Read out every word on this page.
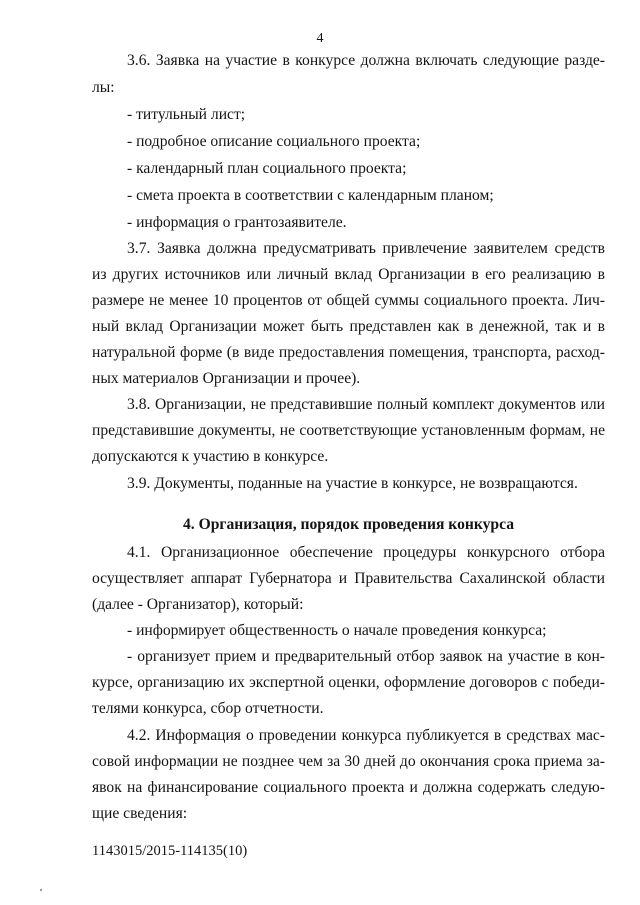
4
3.6. Заявка на участие в конкурсе должна включать следующие разде-
лы:
- титульный лист;
- подробное описание социального проекта;
- календарный план социального проекта;
- смета проекта в соответствии с календарным планом;
- информация о грантозаявителе.
3.7. Заявка должна предусматривать привлечение заявителем средств
из других источников или личный вклад Организации в его реализацию в
размере не менее 10 процентов от общей суммы социального проекта. Лич-
ный вклад Организации может быть представлен как в денежной, так и в
натуральной форме (в виде предоставления помещения, транспорта, расход-
ных материалов Организации и прочее).
3.8. Организации, не представившие полный комплект документов или
представившие документы, не соответствующие установленным формам, не
допускаются к участию в конкурсе.
3.9. Документы, поданные на участие в конкурсе, не возвращаются.
4. Организация, порядок проведения конкурса
4.1. Организационное обеспечение процедуры конкурсного отбора
осуществляет аппарат Губернатора и Правительства Сахалинской области
(далее - Организатор), который:
- информирует общественность о начале проведения конкурса;
- организует прием и предварительный отбор заявок на участие в кон-
курсе, организацию их экспертной оценки, оформление договоров с победи-
телями конкурса, сбор отчетности.
4.2. Информация о проведении конкурса публикуется в средствах мас-
совой информации не позднее чем за 30 дней до окончания срока приема за-
явок на финансирование социального проекта и должна содержать следую-
щие сведения:
1143015/2015-114135(10)
